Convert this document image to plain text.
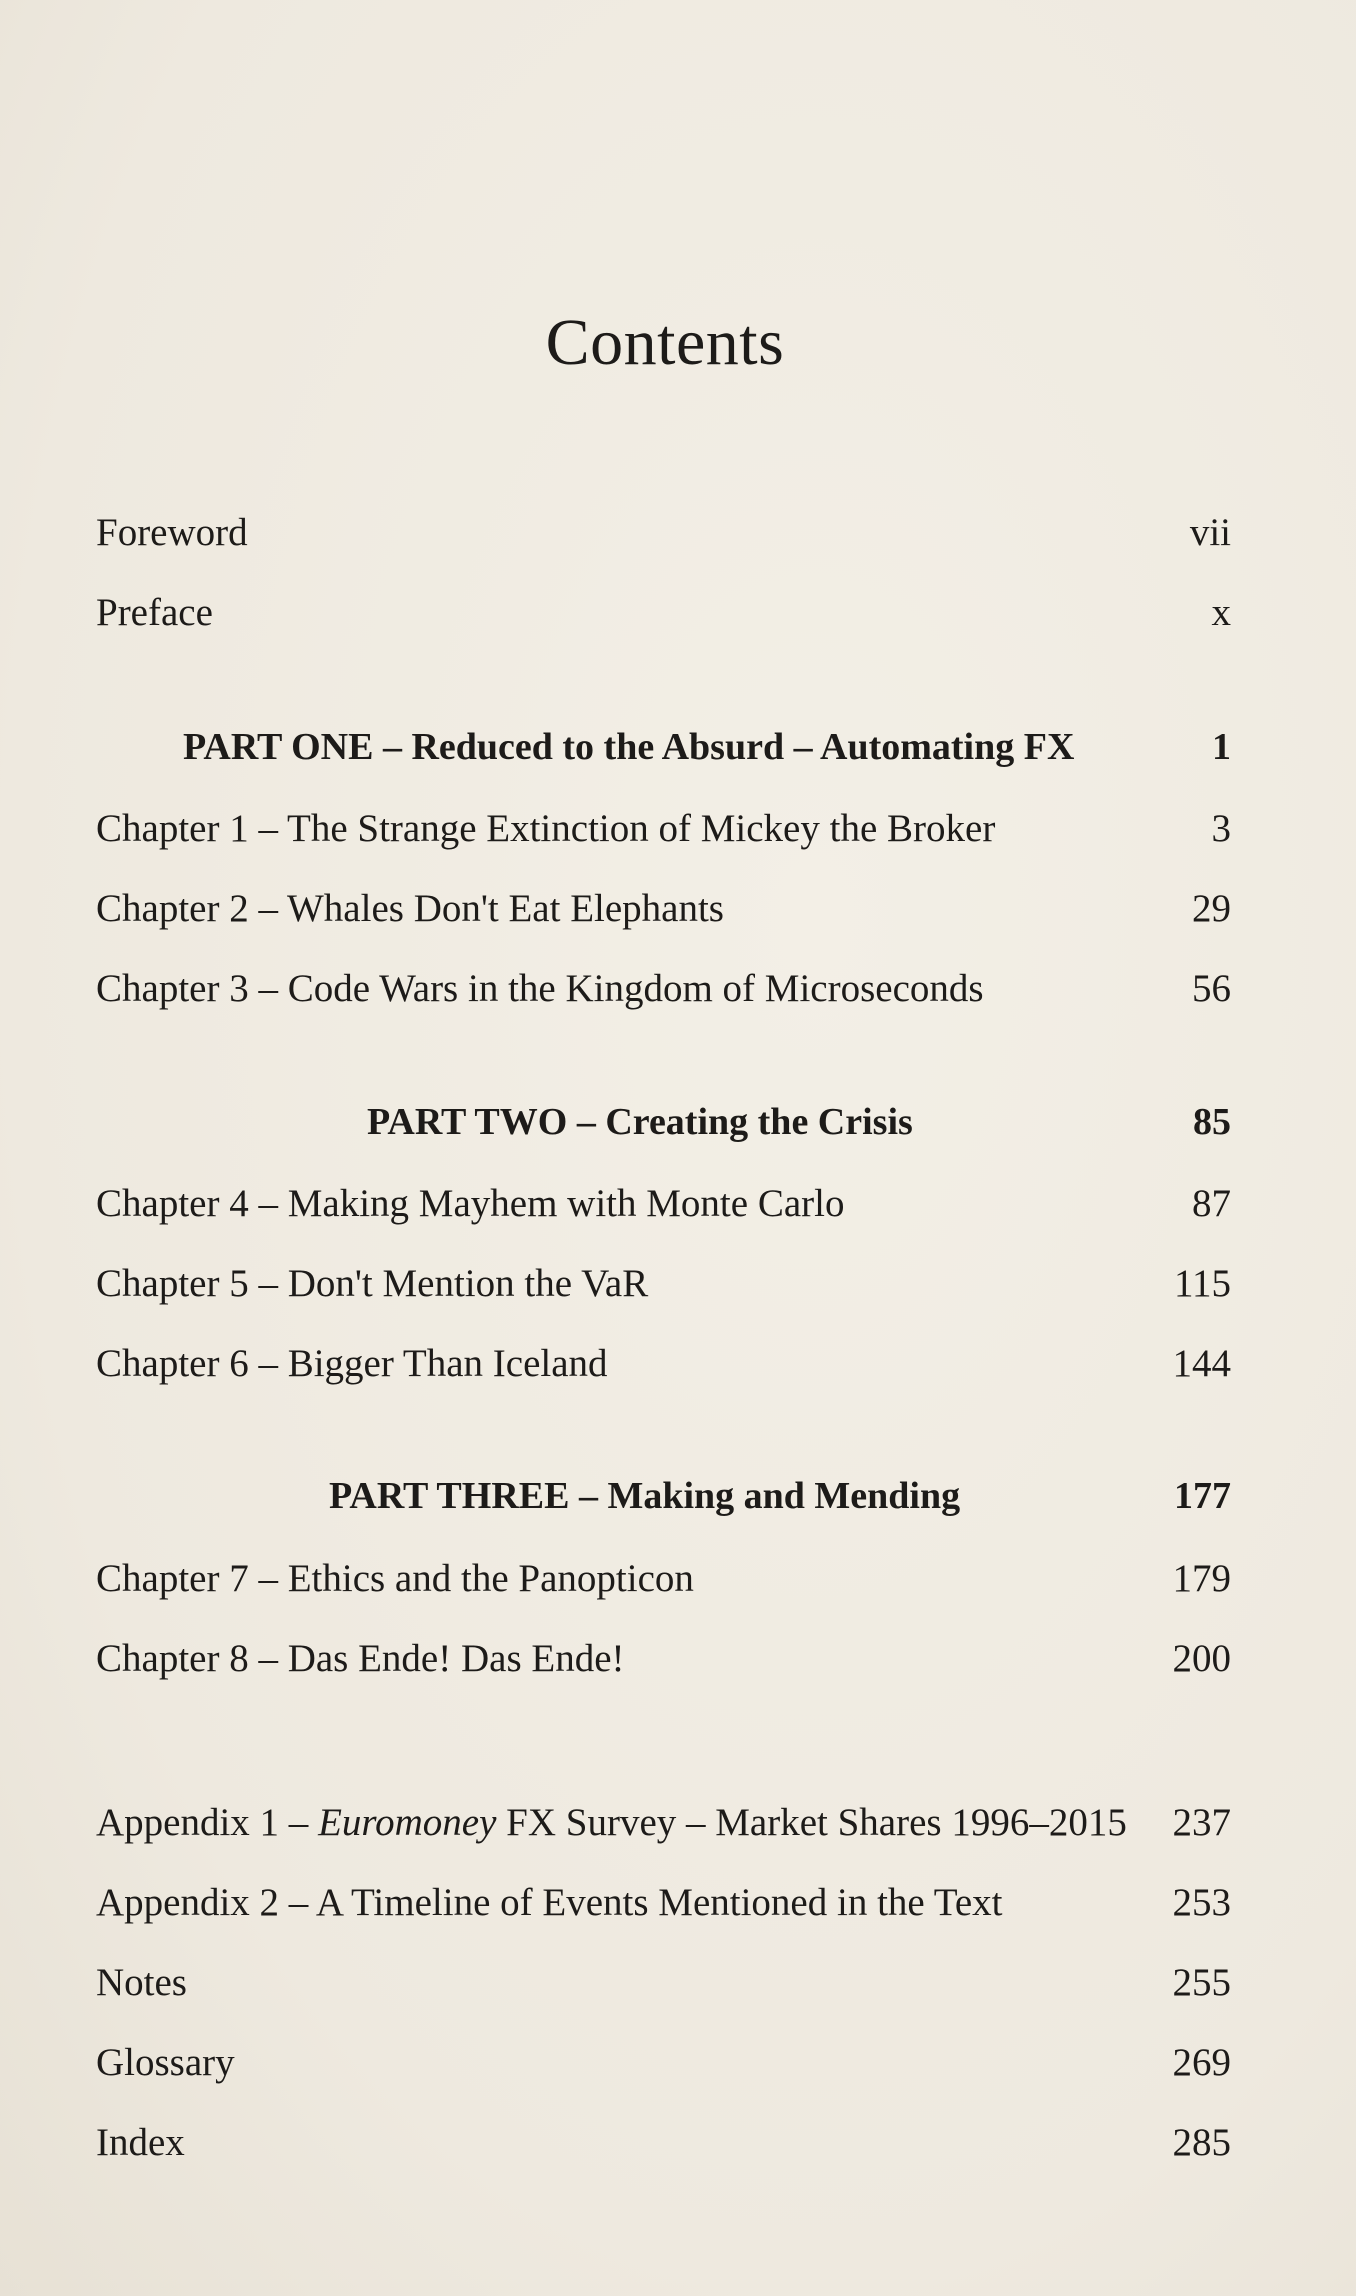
Contents
Foreword	vii
Preface	x
PART ONE – Reduced to the Absurd – Automating FX	1
Chapter 1 – The Strange Extinction of Mickey the Broker	3
Chapter 2 – Whales Don't Eat Elephants	29
Chapter 3 – Code Wars in the Kingdom of Microseconds	56
PART TWO – Creating the Crisis	85
Chapter 4 – Making Mayhem with Monte Carlo	87
Chapter 5 – Don't Mention the VaR	115
Chapter 6 – Bigger Than Iceland	144
PART THREE – Making and Mending	177
Chapter 7 – Ethics and the Panopticon	179
Chapter 8 – Das Ende! Das Ende!	200
Appendix 1 – Euromoney FX Survey – Market Shares 1996–2015 237
Appendix 2 – A Timeline of Events Mentioned in the Text	253
Notes	255
Glossary	269
Index	285
